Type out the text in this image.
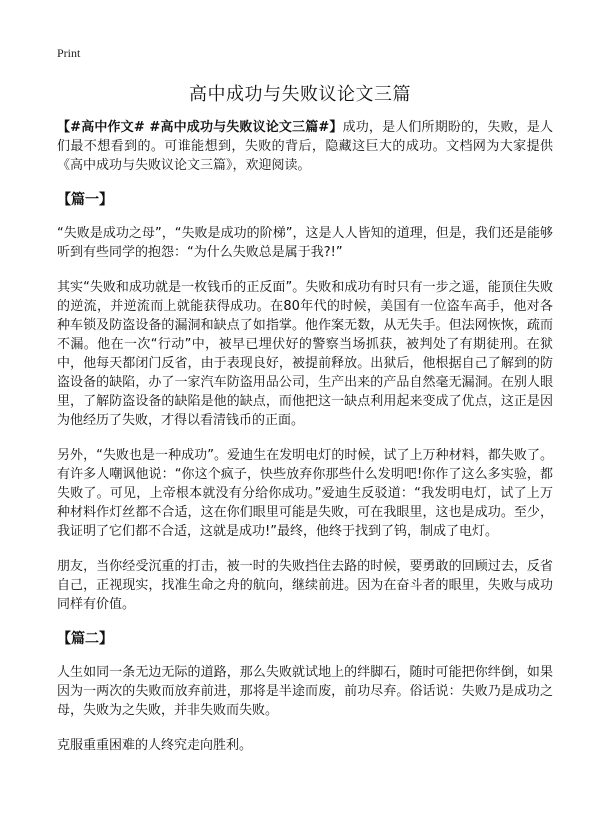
Print
高中成功与失败议论文三篇

【#高中作文# #高中成功与失败议论文三篇#】成功，是人们所期盼的，失败，是人们最不想看到的。可谁能想到，失败的背后，隐藏这巨大的成功。文档网为大家提供《高中成功与失败议论文三篇》，欢迎阅读。

【篇一】

“失败是成功之母”，“失败是成功的阶梯”，这是人人皆知的道理，但是，我们还是能够听到有些同学的抱怨：“为什么失败总是属于我?!”

其实“失败和成功就是一枚钱币的正反面”。失败和成功有时只有一步之遥，能顶住失败的逆流，并逆流而上就能获得成功。在80年代的时候，美国有一位盗车高手，他对各种车锁及防盗设备的漏洞和缺点了如指掌。他作案无数，从无失手。但法网恢恢，疏而不漏。他在一次“行动”中，被早已埋伏好的警察当场抓获，被判处了有期徒刑。在狱中，他每天都闭门反省，由于表现良好，被提前释放。出狱后，他根据自己了解到的防盗设备的缺陷，办了一家汽车防盗用品公司，生产出来的产品自然毫无漏洞。在别人眼里，了解防盗设备的缺陷是他的缺点，而他把这一缺点利用起来变成了优点，这正是因为他经历了失败，才得以看清钱币的正面。

另外，“失败也是一种成功”。爱迪生在发明电灯的时候，试了上万种材料，都失败了。有许多人嘲讽他说：“你这个疯子，快些放弃你那些什么发明吧!你作了这么多实验，都失败了。可见，上帝根本就没有分给你成功。”爱迪生反驳道：“我发明电灯，试了上万种材料作灯丝都不合适，这在你们眼里可能是失败，可在我眼里，这也是成功。至少，我证明了它们都不合适，这就是成功!”最终，他终于找到了钨，制成了电灯。

朋友，当你经受沉重的打击，被一时的失败挡住去路的时候，要勇敢的回顾过去，反省自己，正视现实，找准生命之舟的航向，继续前进。因为在奋斗者的眼里，失败与成功同样有价值。

【篇二】

人生如同一条无边无际的道路，那么失败就试地上的绊脚石，随时可能把你绊倒，如果因为一两次的失败而放弃前进，那将是半途而废，前功尽弃。俗话说：失败乃是成功之母，失败为之失败，并非失败而失败。

克服重重困难的人终究走向胜利。
